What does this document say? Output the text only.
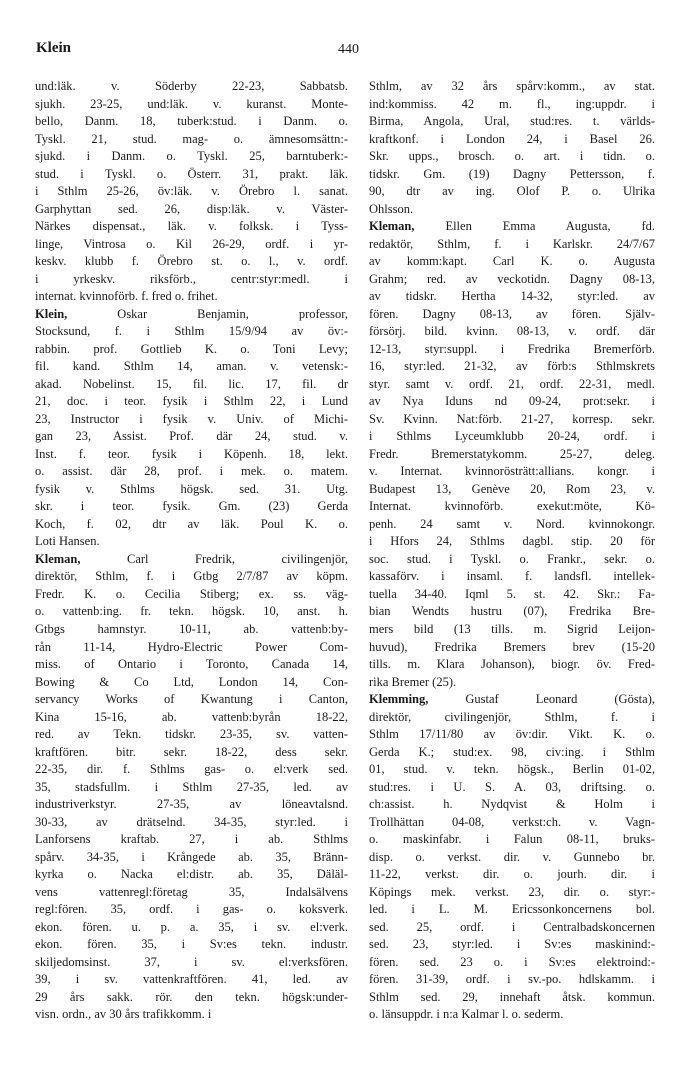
Klein	440
und:läk. v. Söderby 22-23, Sabbatsb.
sjukh. 23-25, und:läk. v. kuranst. Monte-
bello, Danm. 18, tuberk:stud. i Danm. o.
Tyskl. 21, stud. mag- o. ämnesomsättn:-
sjukd. i Danm. o. Tyskl. 25, barntuberk:-
stud. i Tyskl. o. Österr. 31, prakt. läk.
i Sthlm 25-26, öv:läk. v. Örebro l. sanat.
Garphyttan sed. 26, disp:läk. v. Väster-
Närkes dispensat., läk. v. folksk. i Tyss-
linge, Vintrosa o. Kil 26-29, ordf. i yr-
keskv. klubb f. Örebro st. o. l., v. ordf.
i yrkeskv. riksförb., centr:styr:medl. i
internat. kvinnoförb. f. fred o. frihet.
Klein, Oskar Benjamin, professor,
Stocksund, f. i Sthlm 15/9/94 av öv:-
rabbin. prof. Gottlieb K. o. Toni Levy;
fil. kand. Sthlm 14, aman. v. vetensk:-
akad. Nobelinst. 15, fil. lic. 17, fil. dr
21, doc. i teor. fysik i Sthlm 22, i Lund
23, Instructor i fysik v. Univ. of Michi-
gan 23, Assist. Prof. där 24, stud. v.
Inst. f. teor. fysik i Köpenh. 18, lekt.
o. assist. där 28, prof. i mek. o. matem.
fysik v. Sthlms högsk. sed. 31. Utg.
skr. i teor. fysik. Gm. (23) Gerda
Koch, f. 02, dtr av läk. Poul K. o.
Loti Hansen.
Kleman, Carl Fredrik, civilingenjör,
direktör, Sthlm, f. i Gtbg 2/7/87 av köpm.
Fredr. K. o. Cecilia Stiberg; ex. ss. väg-
o. vattenb:ing. fr. tekn. högsk. 10, anst. h.
Gtbgs hamnstyr. 10-11, ab. vattenb:by-
rån 11-14, Hydro-Electric Power Com-
miss. of Ontario i Toronto, Canada 14,
Bowing & Co Ltd, London 14, Con-
servancy Works of Kwantung i Canton,
Kina 15-16, ab. vattenb:byrån 18-22,
red. av Tekn. tidskr. 23-35, sv. vatten-
kraftfören. bitr. sekr. 18-22, dess sekr.
22-35, dir. f. Sthlms gas- o. el:verk sed.
35, stadsfullm. i Sthlm 27-35, led. av
industriverkstyr. 27-35, av löneavtalsnd.
30-33, av drätselnd. 34-35, styr:led. i
Lanforsens kraftab. 27, i ab. Sthlms
spårv. 34-35, i Krångede ab. 35, Bränn-
kyrka o. Nacka el:distr. ab. 35, Däläl-
vens vattenregl:företag 35, Indalsälvens
regl:fören. 35, ordf. i gas- o. koksverk.
ekon. fören. u. p. a. 35, i sv. el:verk.
ekon. fören. 35, i Sv:es tekn. industr.
skiljedomsinst. 37, i sv. el:verksfören.
39, i sv. vattenkraftfören. 41, led. av
29 års sakk. rör. den tekn. högsk:under-
visn. ordn., av 30 års trafikkomm. i
Sthlm, av 32 års spårv:komm., av stat.
ind:kommiss. 42 m. fl., ing:uppdr. i
Birma, Angola, Ural, stud:res. t. världs-
kraftkonf. i London 24, i Basel 26.
Skr. upps., brosch. o. art. i tidn. o.
tidskr. Gm. (19) Dagny Pettersson, f.
90, dtr av ing. Olof P. o. Ulrika
Ohlsson.
Kleman, Ellen Emma Augusta, fd.
redaktör, Sthlm, f. i Karlskr. 24/7/67
av komm:kapt. Carl K. o. Augusta
Grahm; red. av veckotidn. Dagny 08-13,
av tidskr. Hertha 14-32, styr:led. av
fören. Dagny 08-13, av fören. Själv-
försörj. bild. kvinn. 08-13, v. ordf. där
12-13, styr:suppl. i Fredrika Bremerförb.
16, styr:led. 21-32, av förb:s Sthlmskrets
styr. samt v. ordf. 21, ordf. 22-31, medl.
av Nya Iduns nd 09-24, prot:sekr. i
Sv. Kvinn. Nat:förb. 21-27, korresp. sekr.
i Sthlms Lyceumklubb 20-24, ordf. i
Fredr. Bremerstatykomm. 25-27, deleg.
v. Internat. kvinnorösträtt:allians. kongr. i
Budapest 13, Genève 20, Rom 23, v.
Internat. kvinnoförb. exekut:möte, Kö-
penh. 24 samt v. Nord. kvinnokongr.
i Hfors 24, Sthlms dagbl. stip. 20 för
soc. stud. i Tyskl. o. Frankr., sekr. o.
kassaförv. i insaml. f. landsfl. intellek-
tuella 34-40. Iqml 5. st. 42. Skr.: Fa-
bian Wendts hustru (07), Fredrika Bre-
mers bild (13 tills. m. Sigrid Leijon-
huvud), Fredrika Bremers brev (15-20
tills. m. Klara Johanson), biogr. öv. Fred-
rika Bremer (25).
Klemming, Gustaf Leonard (Gösta),
direktör, civilingenjör, Sthlm, f. i
Sthlm 17/11/80 av öv:dir. Vikt. K. o.
Gerda K.; stud:ex. 98, civ:ing. i Sthlm
01, stud. v. tekn. högsk., Berlin 01-02,
stud:res. i U. S. A. 03, driftsing. o.
ch:assist. h. Nydqvist & Holm i
Trollhättan 04-08, verkst:ch. v. Vagn-
o. maskinfabr. i Falun 08-11, bruks-
disp. o. verkst. dir. v. Gunnebo br.
11-22, verkst. dir. o. jourh. dir. i
Köpings mek. verkst. 23, dir. o. styr:-
led. i L. M. Ericssonkoncernens bol.
sed. 25, ordf. i Centralbadskoncernen
sed. 23, styr:led. i Sv:es maskinind:-
fören. sed. 23 o. i Sv:es elektroind:-
fören. 31-39, ordf. i sv.-po. hdlskamm. i
Sthlm sed. 29, innehaft åtsk. kommun.
o. länsuppdr. i n:a Kalmar l. o. sederm.
